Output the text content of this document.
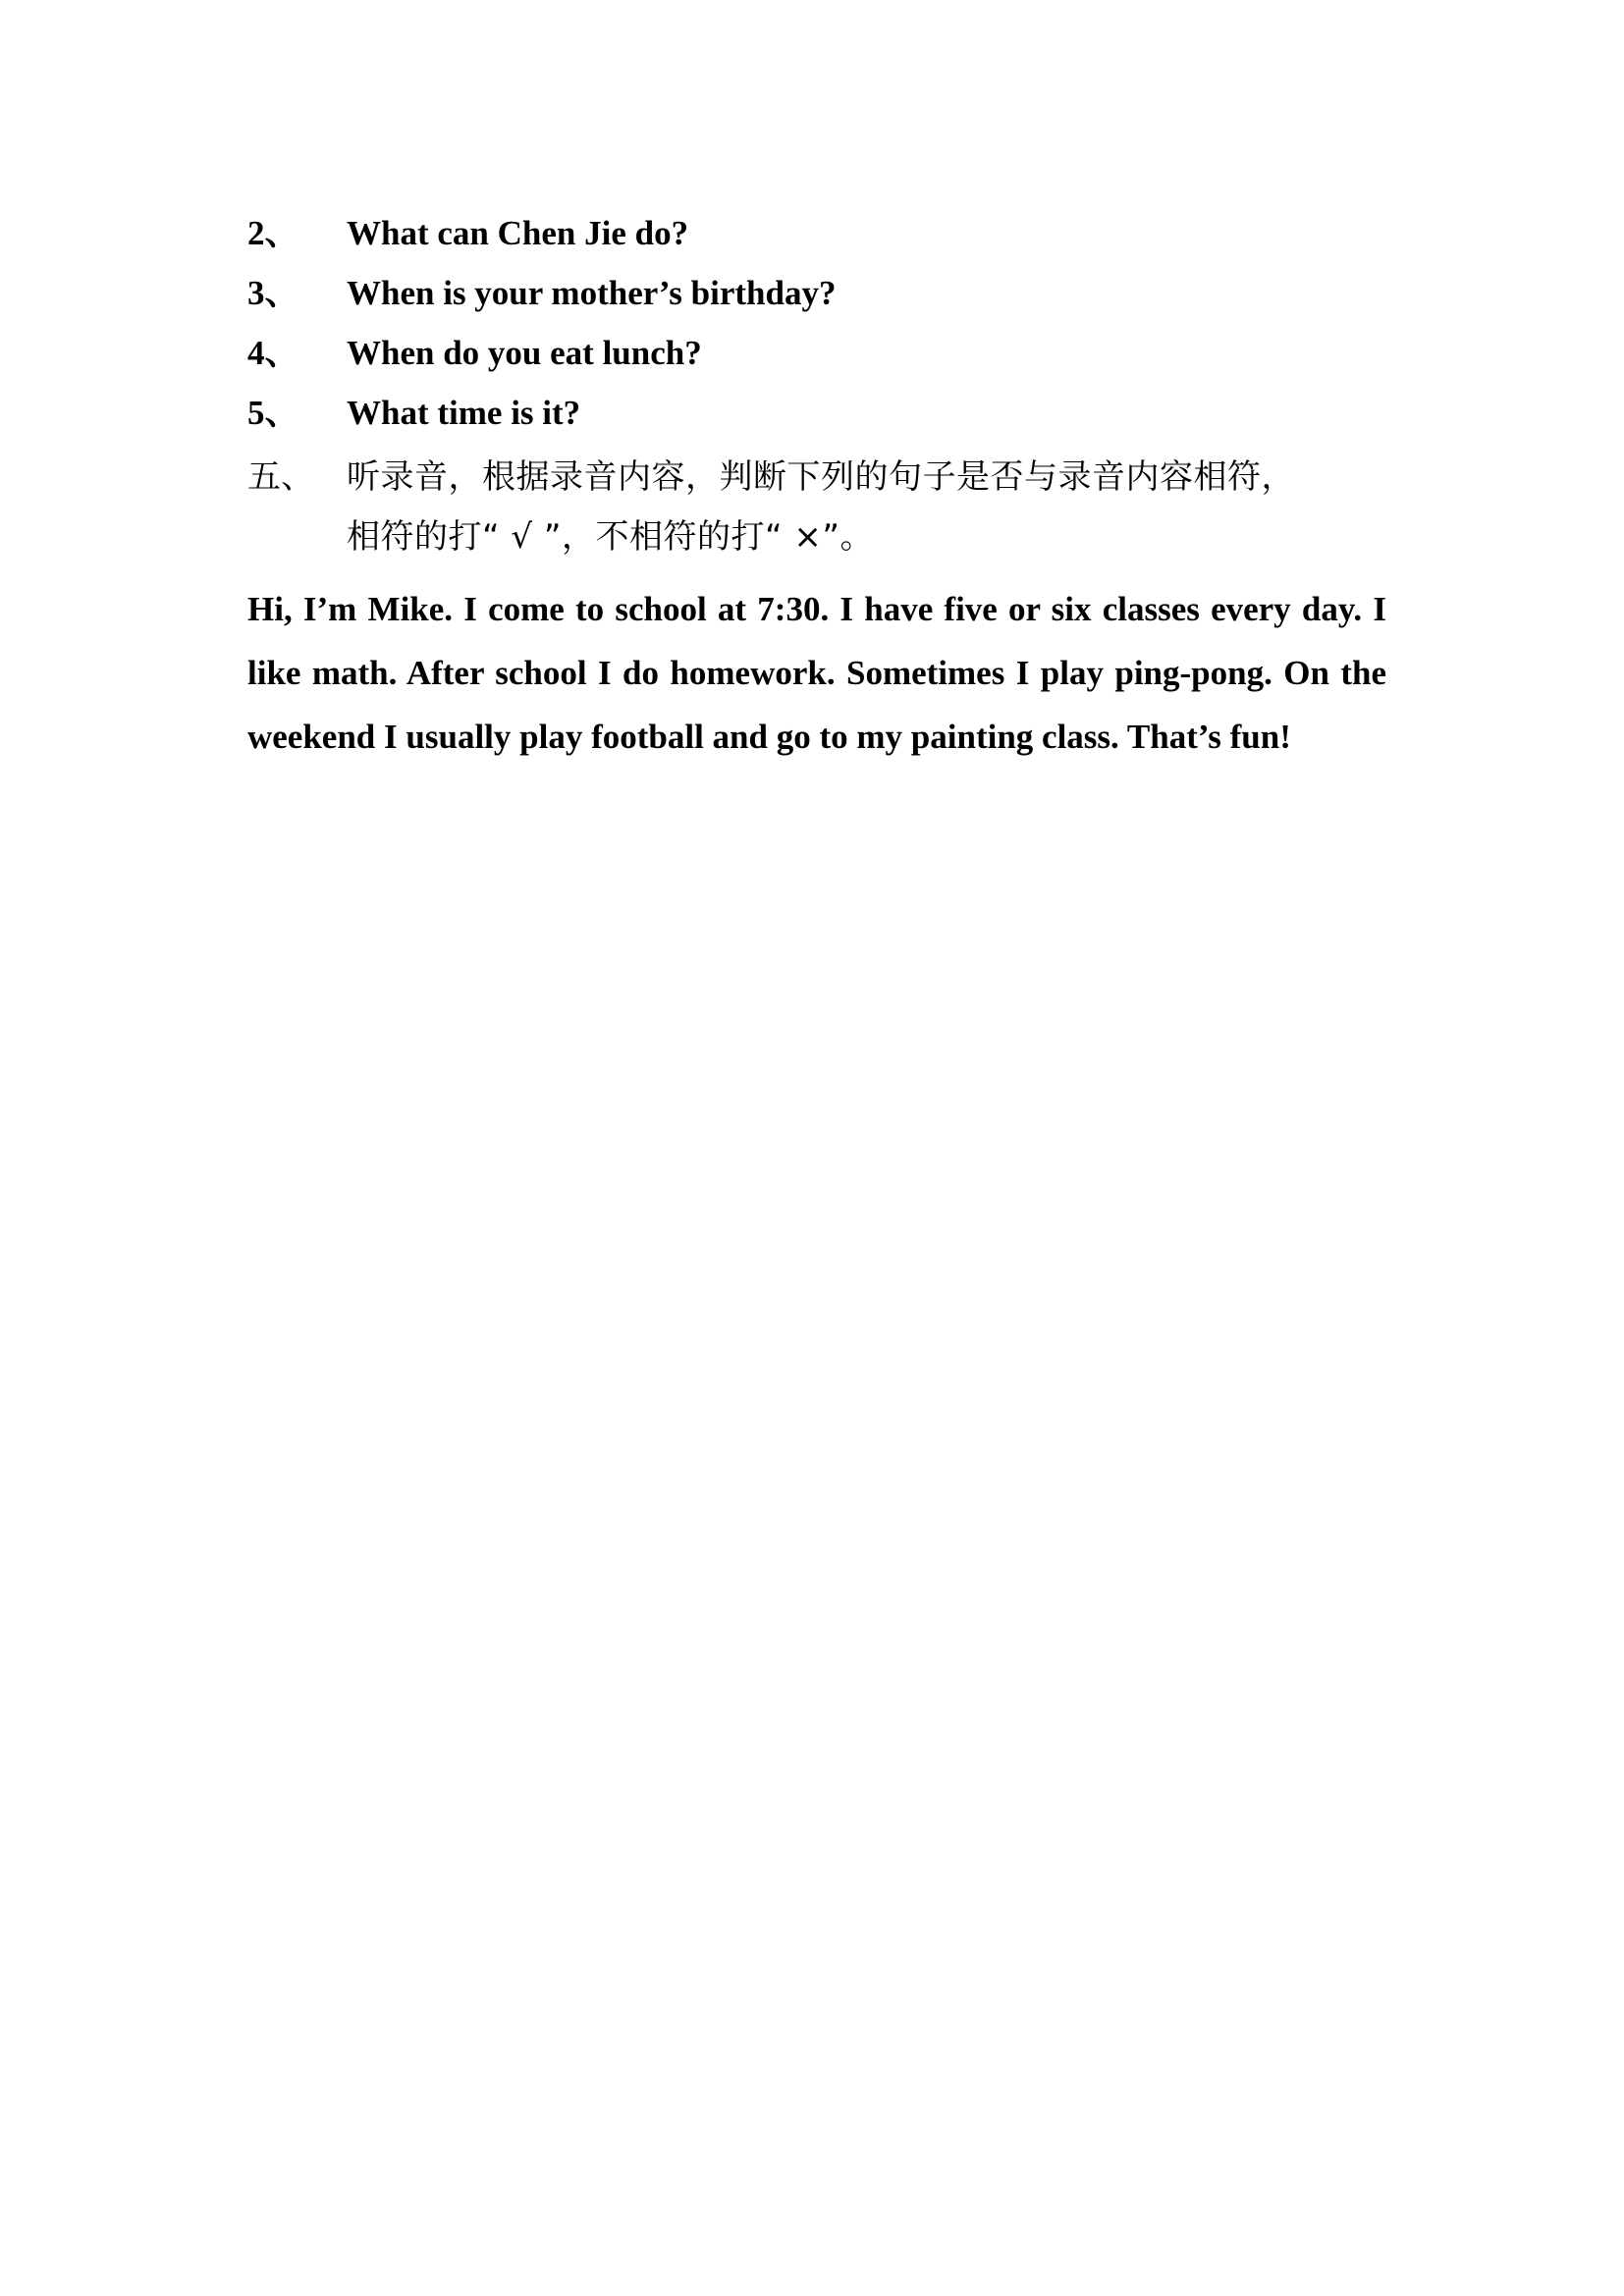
2、	What can Chen Jie do?
3、	When is your mother’s birthday?
4、	When do you eat lunch?
5、	What time is it?
五、 听录音，根据录音内容，判断下列的句子是否与录音内容相符，
相符的打“ √ ”，不相符的打“ ×”。

Hi, I’m Mike. I come to school at 7:30. I have five or six classes every day. I like math. After school I do homework. Sometimes I play ping-pong. On the weekend I usually play football and go to my painting class. That’s fun!
